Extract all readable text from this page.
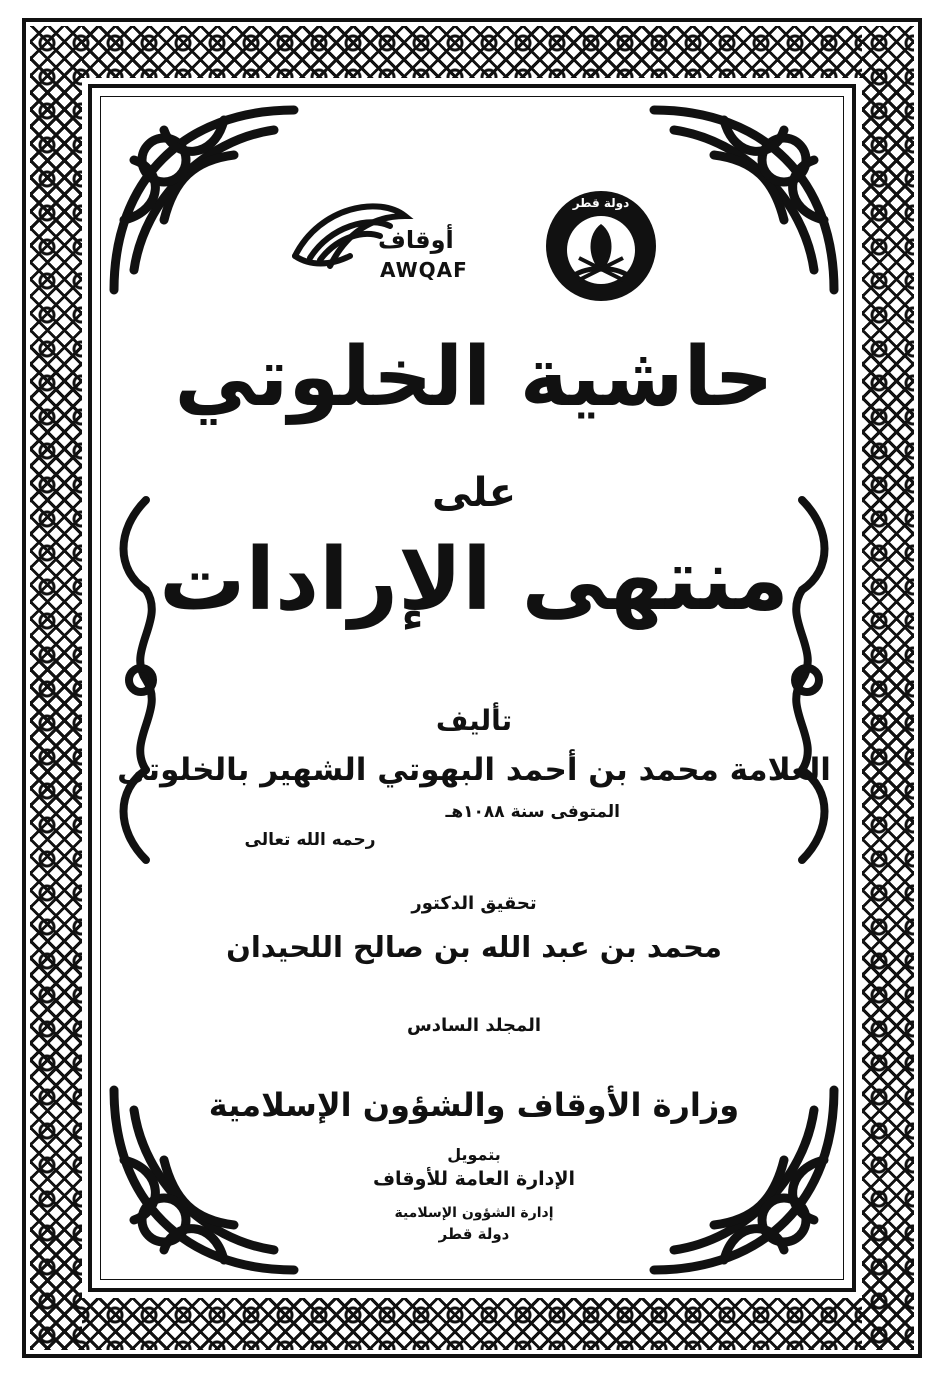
أوقاف
AWQAF
دولة قطر
حاشية الخلوتي
على
منتهى الإرادات
تأليف
العلامة محمد بن أحمد البهوتي الشهير بالخلوتي
المتوفى سنة ١٠٨٨هـ
رحمه الله تعالى
تحقيق الدكتور
محمد بن عبد الله بن صالح اللحيدان
المجلد السادس
وزارة الأوقاف والشؤون الإسلامية
بتمويل
الإدارة العامة للأوقاف
إدارة الشؤون الإسلامية
دولة قطر
